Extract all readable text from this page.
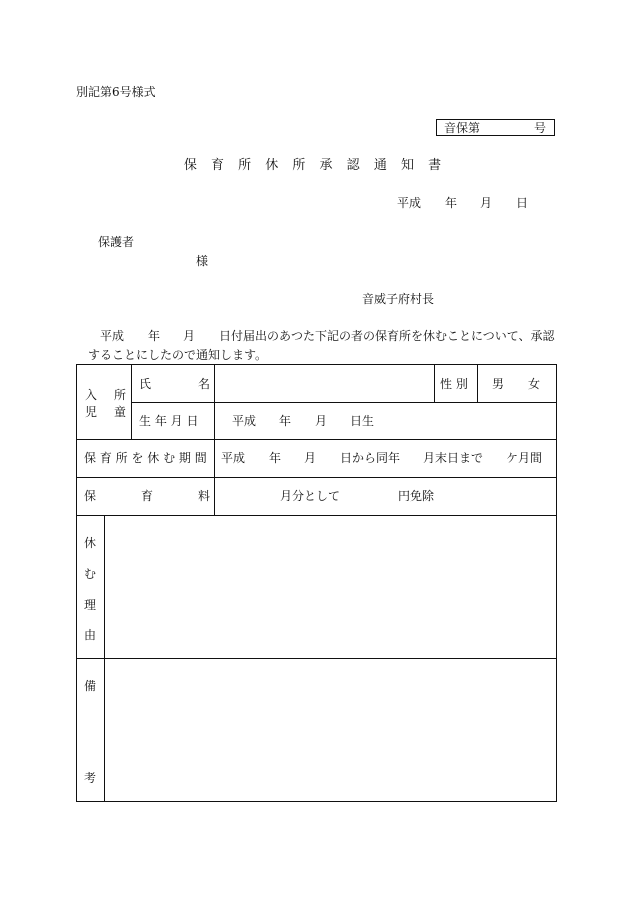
別記第6号様式
音保第	号
保 育 所 休 所 承 認 通 知 書
平成 年 月 日
保護者
様
音威子府村長
平成 年 月 日付届出のあつた下記の者の保育所を休むことについて、承認
することにしたので通知します。
入 所
児 童
氏	名	性 別 男 女
生 年 月 日	平成 年 月 日生
保 育 所 を 休 む 期 間 平成 年 月 日から同年 月末日まで ケ月間
保	育	料	月分として	円免除
休
む
理
由
備
考
